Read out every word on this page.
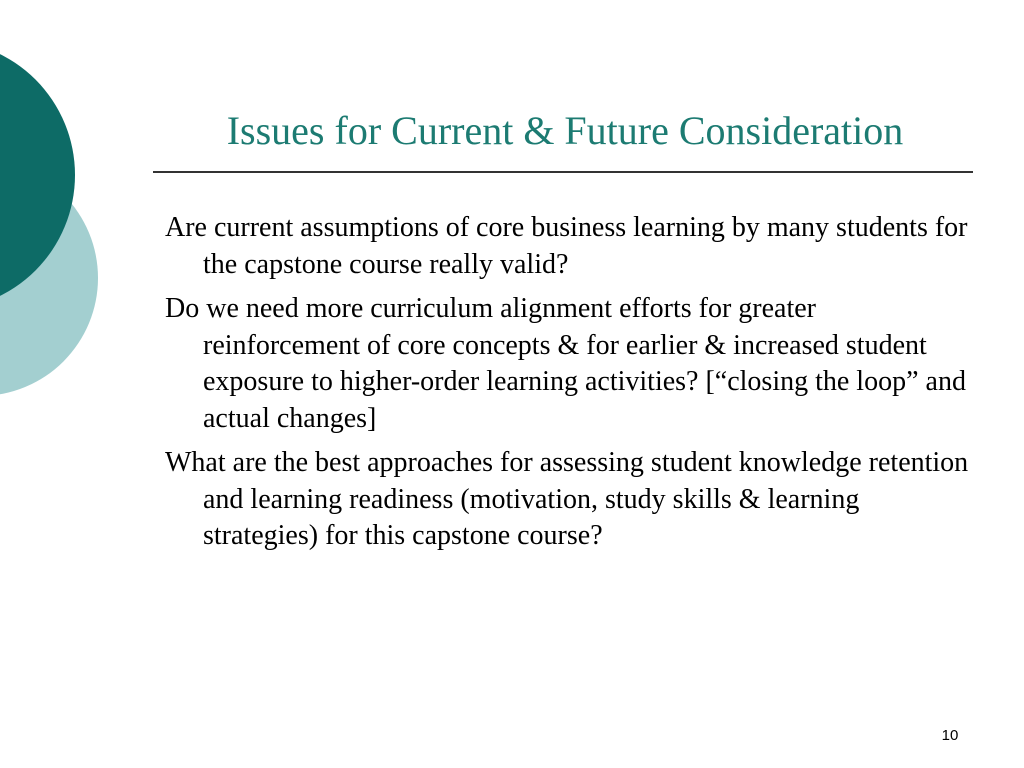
Issues for Current & Future Consideration
Are current assumptions of core business learning by many students for the capstone course really valid?
Do we need more curriculum alignment efforts for greater reinforcement of core concepts & for earlier & increased student exposure to higher-order learning activities? [“closing the loop” and actual changes]
What are the best approaches for assessing student knowledge retention and learning readiness (motivation, study skills & learning strategies) for this capstone course?
10
